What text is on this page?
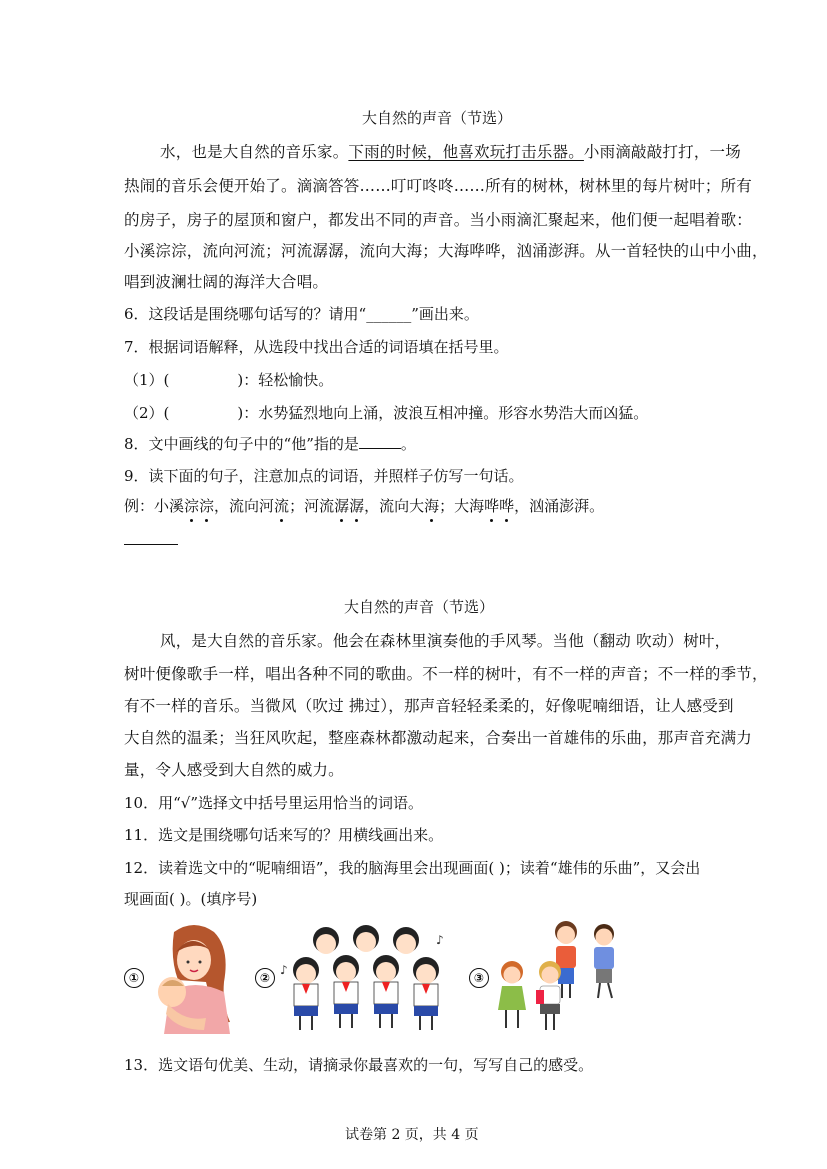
大自然的声音（节选）
水，也是大自然的音乐家。下雨的时候，他喜欢玩打击乐器。小雨滴敲敲打打，一场
热闹的音乐会便开始了。滴滴答答……叮叮咚咚……所有的树林，树林里的每片树叶；所有
的房子，房子的屋顶和窗户，都发出不同的声音。当小雨滴汇聚起来，他们便一起唱着歌：
小溪淙淙，流向河流；河流潺潺，流向大海；大海哗哗，汹涌澎湃。从一首轻快的山中小曲，
唱到波澜壮阔的海洋大合唱。
6．这段话是围绕哪句话写的？请用“______”画出来。
7．根据词语解释，从选段中找出合适的词语填在括号里。
（1）(	)：轻松愉快。
（2）(	)：水势猛烈地向上涌，波浪互相冲撞。形容水势浩大而凶猛。
8．文中画线的句子中的“他”指的是	。
9．读下面的句子，注意加点的词语，并照样子仿写一句话。
例：小溪淙淙
，流向河流
；河流潺潺
，流向大海
；大海哗哗
，汹涌澎湃。
大自然的声音（节选）
风，是大自然的音乐家。他会在森林里演奏他的手风琴。当他（翻动 吹动）树叶，
树叶便像歌手一样，唱出各种不同的歌曲。不一样的树叶，有不一样的声音；不一样的季节，
有不一样的音乐。当微风（吹过 拂过），那声音轻轻柔柔的，好像呢喃细语，让人感受到
大自然的温柔；当狂风吹起，整座森林都激动起来，合奏出一首雄伟的乐曲，那声音充满力
量，令人感受到大自然的威力。
10．用“√”选择文中括号里运用恰当的词语。
11．选文是围绕哪句话来写的？用横线画出来。
12．读着选文中的“呢喃细语”，我的脑海里会出现画面( )；读着“雄伟的乐曲”，又会出
现画面( )。(填序号)
①	②
♪
♪
③
13．选文语句优美、生动，请摘录你最喜欢的一句，写写自己的感受。
试卷第 2 页，共 4 页
